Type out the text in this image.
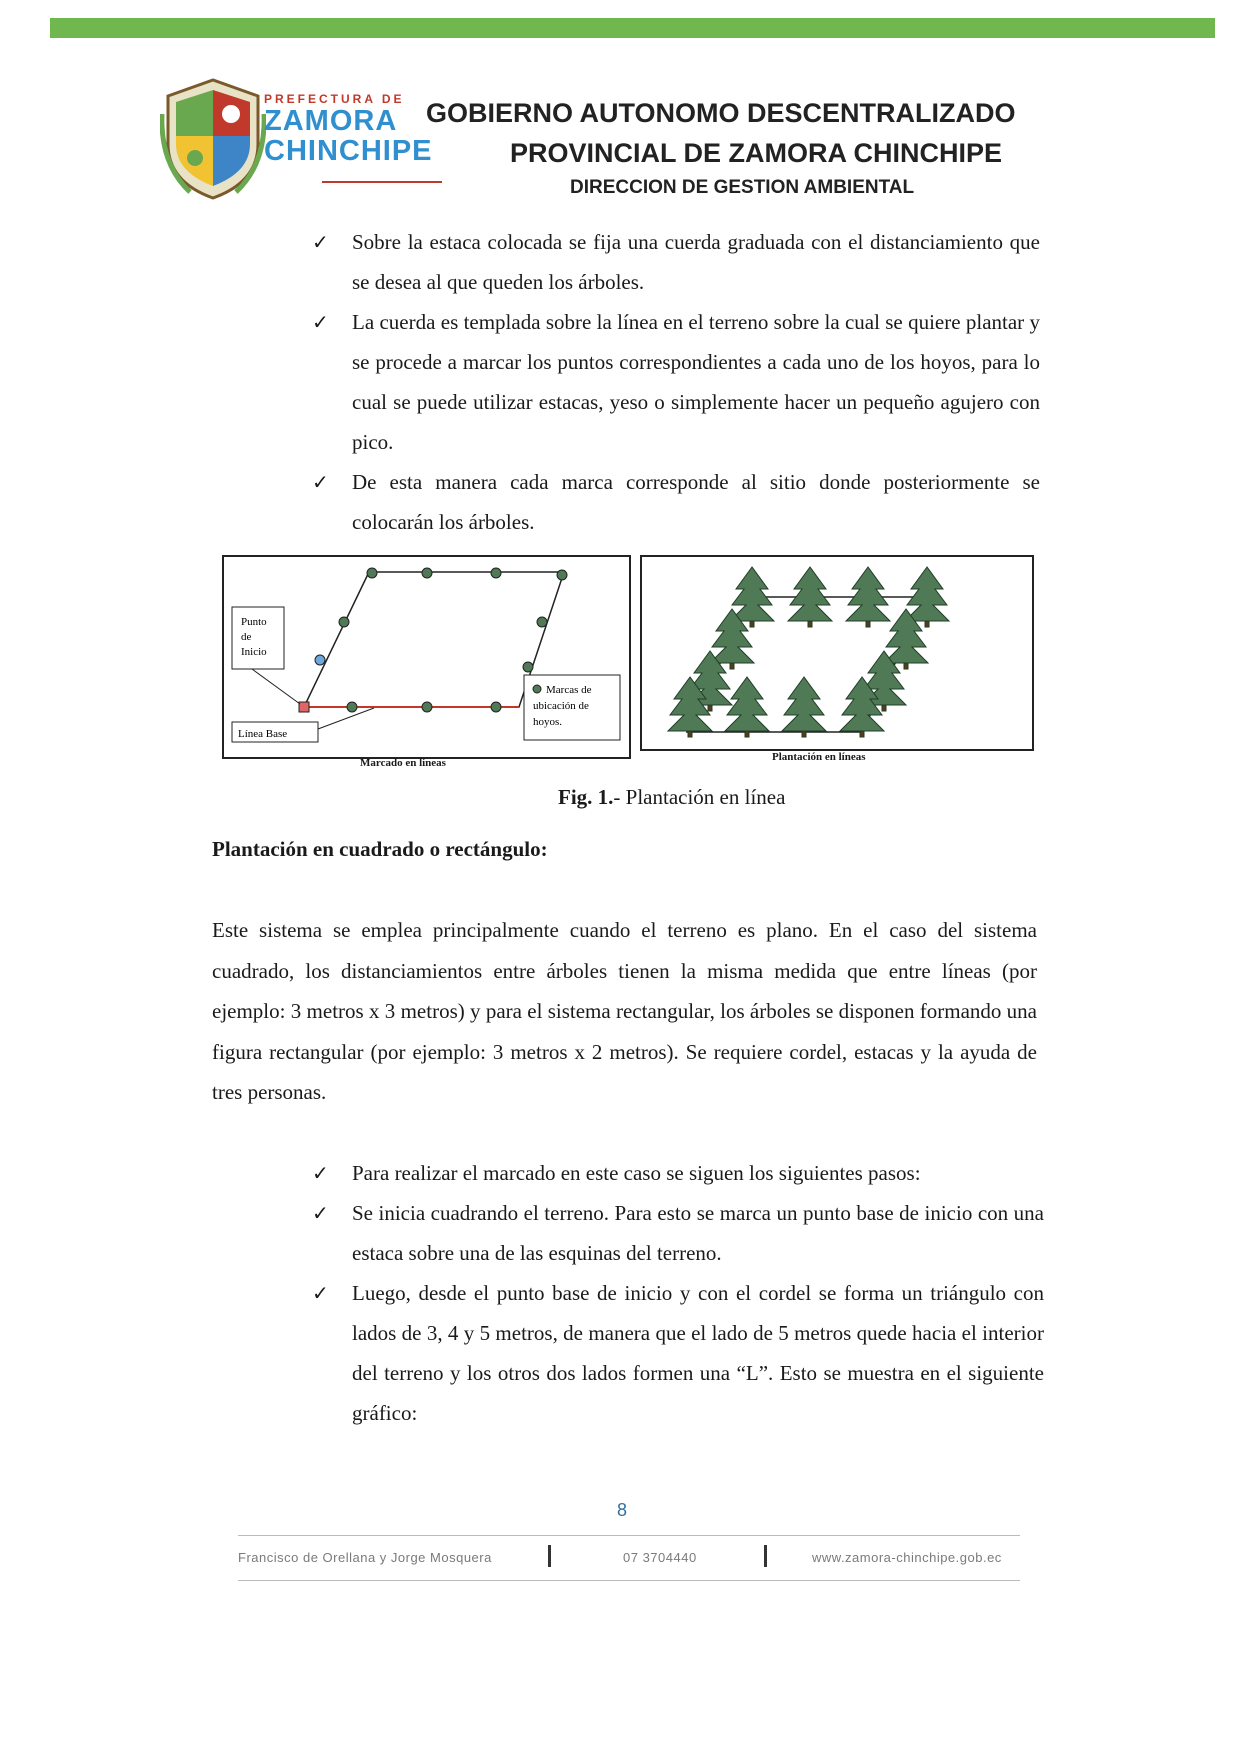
PREFECTURA DE
ZAMORA
CHINCHIPE
GOBIERNO AUTONOMO DESCENTRALIZADO
PROVINCIAL DE ZAMORA CHINCHIPE
DIRECCION DE GESTION AMBIENTAL
✓ Sobre la estaca colocada se fija una cuerda graduada con el distanciamiento que se desea al que queden los árboles.
✓ La cuerda es templada sobre la línea en el terreno sobre la cual se quiere plantar y se procede a marcar los puntos correspondientes a cada uno de los hoyos, para lo cual se puede utilizar estacas, yeso o simplemente hacer un pequeño agujero con pico.
✓ De esta manera cada marca corresponde al sitio donde posteriormente se colocarán los árboles.
Punto
de
Inicio
Línea Base
Marcas de
ubicación de
hoyos.
Marcado en líneas	Plantación en líneas
Fig. 1.- Plantación en línea
Plantación en cuadrado o rectángulo:
Este sistema se emplea principalmente cuando el terreno es plano. En el caso del sistema cuadrado, los distanciamientos entre árboles tienen la misma medida que entre líneas (por ejemplo: 3 metros x 3 metros) y para el sistema rectangular, los árboles se disponen formando una figura rectangular (por ejemplo: 3 metros x 2 metros). Se requiere cordel, estacas y la ayuda de tres personas.
✓ Para realizar el marcado en este caso se siguen los siguientes pasos:
✓ Se inicia cuadrando el terreno. Para esto se marca un punto base de inicio con una estaca sobre una de las esquinas del terreno.
✓ Luego, desde el punto base de inicio y con el cordel se forma un triángulo con lados de 3, 4 y 5 metros, de manera que el lado de 5 metros quede hacia el interior del terreno y los otros dos lados formen una “L”. Esto se muestra en el siguiente gráfico:
8
Francisco de Orellana y Jorge Mosquera	07 3704440	www.zamora-chinchipe.gob.ec
